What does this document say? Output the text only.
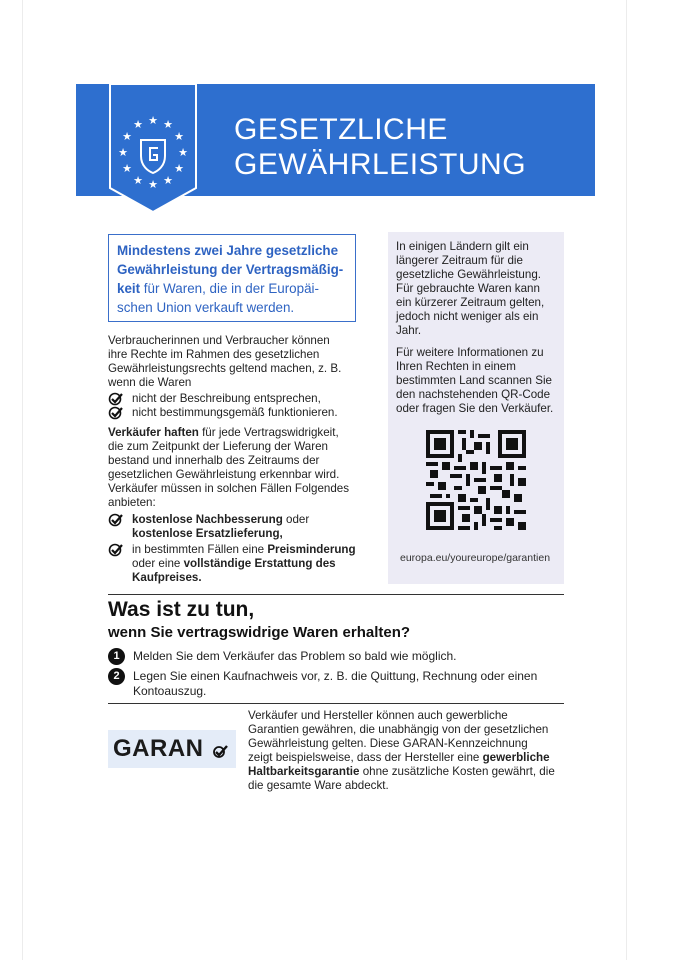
★ ★
★
★
★
★
★
★
★
★
★
★	GESETZLICHE
GEWÄHRLEISTUNG
Mindestens zwei Jahre gesetzliche
Gewährleistung der Vertragsmäßig-
keit für Waren, die in der Europäi-
schen Union verkauft werden.
Verbraucherinnen und Verbraucher können
ihre Rechte im Rahmen des gesetzlichen
Gewährleistungsrechts geltend machen, z. B.
wenn die Waren
nicht der Beschreibung entsprechen,
nicht bestimmungsgemäß funktionieren.
Verkäufer haften für jede Vertragswidrigkeit,
die zum Zeitpunkt der Lieferung der Waren
bestand und innerhalb des Zeitraums der
gesetzlichen Gewährleistung erkennbar wird.
Verkäufer müssen in solchen Fällen Folgendes
anbieten:
kostenlose Nachbesserung oder
kostenlose Ersatzlieferung,
in bestimmten Fällen eine Preisminderung
oder eine vollständige Erstattung des
Kaufpreises.
In einigen Ländern gilt ein
längerer Zeitraum für die
gesetzliche Gewährleistung.
Für gebrauchte Waren kann
ein kürzerer Zeitraum gelten,
jedoch nicht weniger als ein
Jahr.
Für weitere Informationen zu
Ihren Rechten in einem
bestimmten Land scannen Sie
den nachstehenden QR-Code
oder fragen Sie den Verkäufer.
europa.eu/youreurope/garantien
Was ist zu tun,
wenn Sie vertragswidrige Waren erhalten?
1	Melden Sie dem Verkäufer das Problem so bald wie möglich.
2	Legen Sie einen Kaufnachweis vor, z. B. die Quittung, Rechnung oder einen
Kontoauszug.
GARAN
Verkäufer und Hersteller können auch gewerbliche
Garantien gewähren, die unabhängig von der gesetzlichen
Gewährleistung gelten. Diese GARAN-Kennzeichnung
zeigt beispielsweise, dass der Hersteller eine gewerbliche
Haltbarkeitsgarantie ohne zusätzliche Kosten gewährt, die
die gesamte Ware abdeckt.
